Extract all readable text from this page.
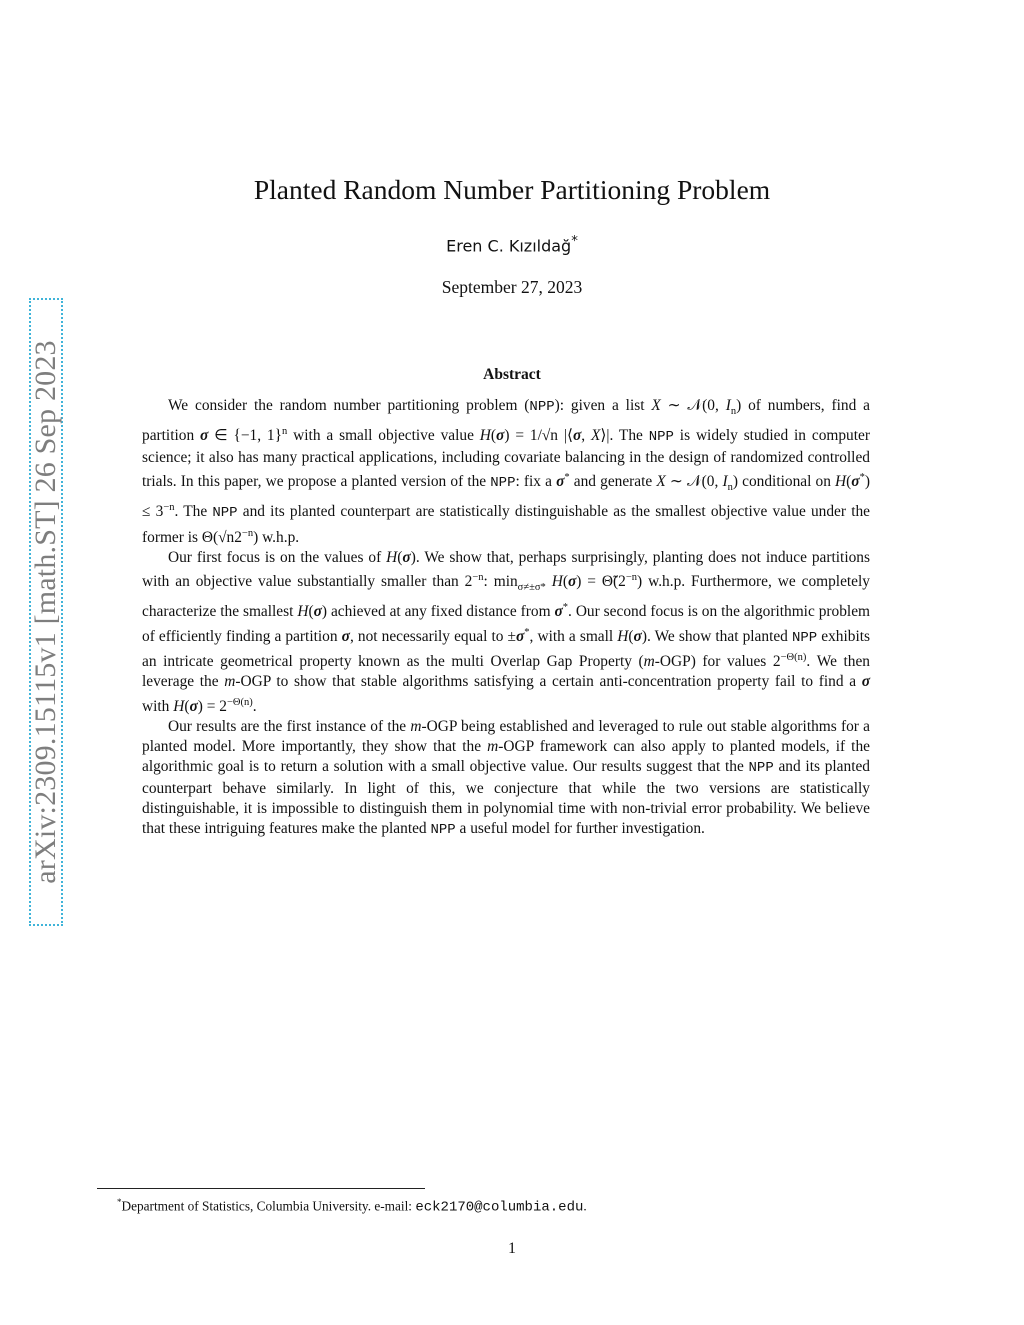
arXiv:2309.15115v1 [math.ST] 26 Sep 2023
Planted Random Number Partitioning Problem
Eren C. Kızıldağ*
September 27, 2023
Abstract

We consider the random number partitioning problem (NPP): given a list X ∼ 𝒩(0, $I_n$) of numbers, find a partition σ ∈ {−1, 1}$^n$ with a small objective value H(σ) = 1/√n |⟨σ, X⟩|. The NPP is widely studied in computer science; it also has many practical applications, including covariate balancing in the design of randomized controlled trials. In this paper, we propose a planted version of the NPP: fix a σ* and generate X ∼ 𝒩(0, $I_n$) conditional on $H(\sigma^*) \le 3^{-n}$. The NPP and its planted counterpart are statistically distinguishable as the smallest objective value under the former is $\Theta(√n2^{-n})$ w.h.p.

Our first focus is on the values of H(σ). We show that, perhaps surprisingly, planting does not induce partitions with an objective value substantially smaller than $2^{-n}$: $\min_{\sigma\ne\pm\sigma*} H(\sigma)$ = $\Thetã(2^{-n})$ w.h.p. Furthermore, we completely characterize the smallest H(σ) achieved at any fixed distance from σ*. Our second focus is on the algorithmic problem of efficiently finding a partition σ, not necessarily equal to ±σ*, with a small H(σ). We show that planted NPP exhibits an intricate geometrical property known as the multi Overlap Gap Property (m-OGP) for values $2^{-\Theta(n)}$. We then leverage the m-OGP to show that stable algorithms satisfying a certain anti-concentration property fail to find a σ with $H(\sigma) = 2^{-\Theta(n)}$.

Our results are the first instance of the m-OGP being established and leveraged to rule out stable algorithms for a planted model. More importantly, they show that the m-OGP framework can also apply to planted models, if the algorithmic goal is to return a solution with a small objective value. Our results suggest that the NPP and its planted counterpart behave similarly. In light of this, we conjecture that while the two versions are statistically distinguishable, it is impossible to distinguish them in polynomial time with non-trivial error probability. We believe that these intriguing features make the planted NPP a useful model for further investigation.

*Department of Statistics, Columbia University. e-mail: eck2170@columbia.edu.
1
